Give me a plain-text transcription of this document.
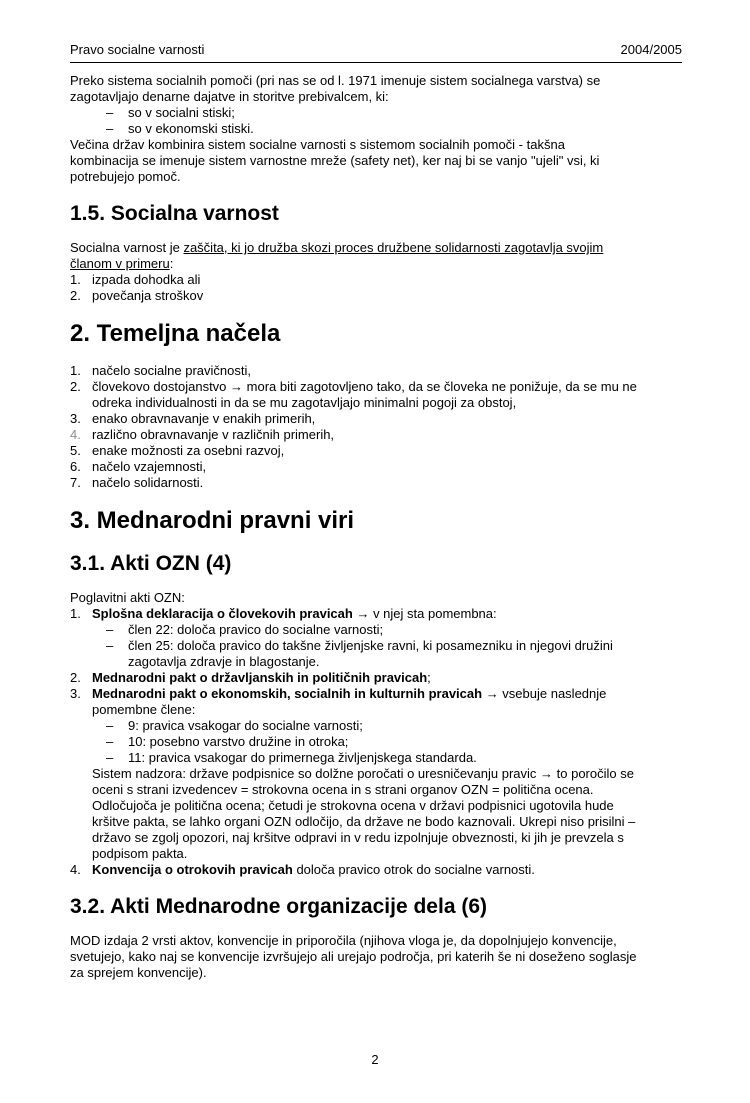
Pravo socialne varnosti	2004/2005
Preko sistema socialnih pomoči (pri nas se od l. 1971 imenuje sistem socialnega varstva) se
zagotavljajo denarne dajatve in storitve prebivalcem, ki:
–	so v socialni stiski;
–	so v ekonomski stiski.
Večina držav kombinira sistem socialne varnosti s sistemom socialnih pomoči - takšna
kombinacija se imenuje sistem varnostne mreže (safety net), ker naj bi se vanjo "ujeli" vsi, ki
potrebujejo pomoč.
1.5. Socialna varnost
Socialna varnost je zaščita, ki jo družba skozi proces družbene solidarnosti zagotavlja svojim
članom v primeru:
1. izpada dohodka ali
2. povečanja stroškov
2. Temeljna načela
1. načelo socialne pravičnosti,
2. človekovo dostojanstvo → mora biti zagotovljeno tako, da se človeka ne ponižuje, da se mu ne
odreka individualnosti in da se mu zagotavljajo minimalni pogoji za obstoj,
3. enako obravnavanje v enakih primerih,
4. različno obravnavanje v različnih primerih,
5. enake možnosti za osebni razvoj,
6. načelo vzajemnosti,
7. načelo solidarnosti.
3. Mednarodni pravni viri
3.1. Akti OZN (4)
Poglavitni akti OZN:
1. Splošna deklaracija o človekovih pravicah → v njej sta pomembna:
–	člen 22: določa pravico do socialne varnosti;
–	člen 25: določa pravico do takšne življenjske ravni, ki posamezniku in njegovi družini
zagotavlja zdravje in blagostanje.
2. Mednarodni pakt o državljanskih in političnih pravicah;
3. Mednarodni pakt o ekonomskih, socialnih in kulturnih pravicah → vsebuje naslednje
pomembne člene:
–	9: pravica vsakogar do socialne varnosti;
–	10: posebno varstvo družine in otroka;
–	11: pravica vsakogar do primernega življenjskega standarda.
Sistem nadzora: države podpisnice so dolžne poročati o uresničevanju pravic → to poročilo se
oceni s strani izvedencev = strokovna ocena in s strani organov OZN = politična ocena.
Odločujoča je politična ocena; četudi je strokovna ocena v državi podpisnici ugotovila hude
kršitve pakta, se lahko organi OZN odločijo, da države ne bodo kaznovali. Ukrepi niso prisilni –
državo se zgolj opozori, naj kršitve odpravi in v redu izpolnjuje obveznosti, ki jih je prevzela s
podpisom pakta.
4. Konvencija o otrokovih pravicah določa pravico otrok do socialne varnosti.
3.2. Akti Mednarodne organizacije dela (6)
MOD izdaja 2 vrsti aktov, konvencije in priporočila (njihova vloga je, da dopolnjujejo konvencije,
svetujejo, kako naj se konvencije izvršujejo ali urejajo področja, pri katerih še ni doseženo soglasje
za sprejem konvencije).
2
